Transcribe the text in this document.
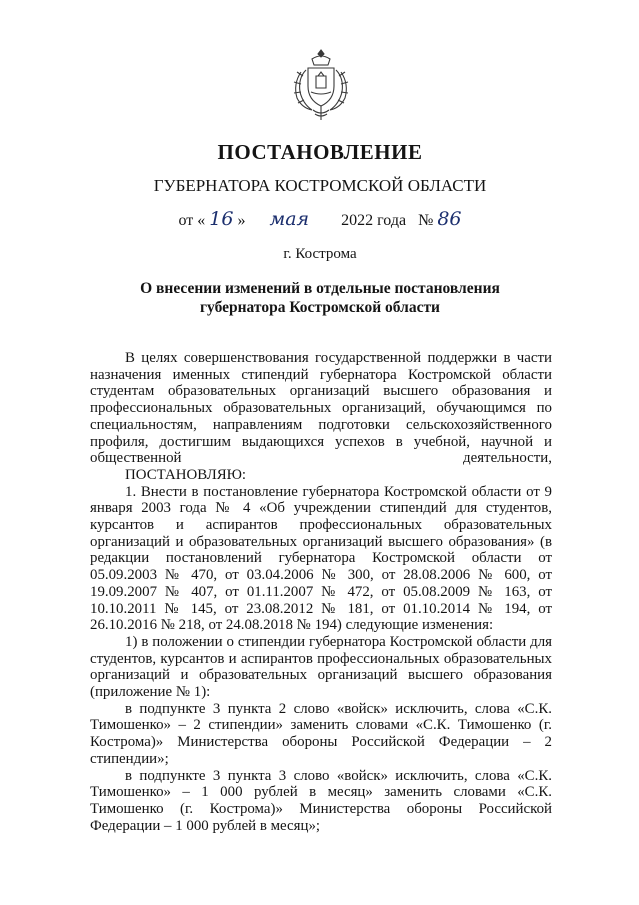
ПОСТАНОВЛЕНИЕ
ГУБЕРНАТОРА КОСТРОМСКОЙ ОБЛАСТИ
от « 16 » мая 2022 года № 86
г. Кострома
О внесении изменений в отдельные постановления
губернатора Костромской области

В целях совершенствования государственной поддержки в части назначения именных стипендий губернатора Костромской области студентам образовательных организаций высшего образования и профессиональных образовательных организаций, обучающимся по специальностям, направлениям подготовки сельскохозяйственного профиля, достигшим выдающихся успехов в учебной, научной и общественной деятельности,

ПОСТАНОВЛЯЮ:

1. Внести в постановление губернатора Костромской области от 9 января 2003 года № 4 «Об учреждении стипендий для студентов, курсантов и аспирантов профессиональных образовательных организаций и образовательных организаций высшего образования» (в редакции постановлений губернатора Костромской области от 05.09.2003 № 470, от 03.04.2006 № 300, от 28.08.2006 № 600, от 19.09.2007 № 407, от 01.11.2007 № 472, от 05.08.2009 № 163, от 10.10.2011 № 145, от 23.08.2012 № 181, от 01.10.2014 № 194, от 26.10.2016 № 218, от 24.08.2018 № 194) следующие изменения:

1) в положении о стипендии губернатора Костромской области для студентов, курсантов и аспирантов профессиональных образовательных организаций и образовательных организаций высшего образования (приложение № 1):

в подпункте 3 пункта 2 слово «войск» исключить, слова «С.К. Тимошенко» – 2 стипендии» заменить словами «С.К. Тимошенко (г. Кострома)» Министерства обороны Российской Федерации – 2 стипендии»;

в подпункте 3 пункта 3 слово «войск» исключить, слова «С.К. Тимошенко» – 1 000 рублей в месяц» заменить словами «С.К. Тимошенко (г. Кострома)» Министерства обороны Российской Федерации – 1 000 рублей в месяц»;
